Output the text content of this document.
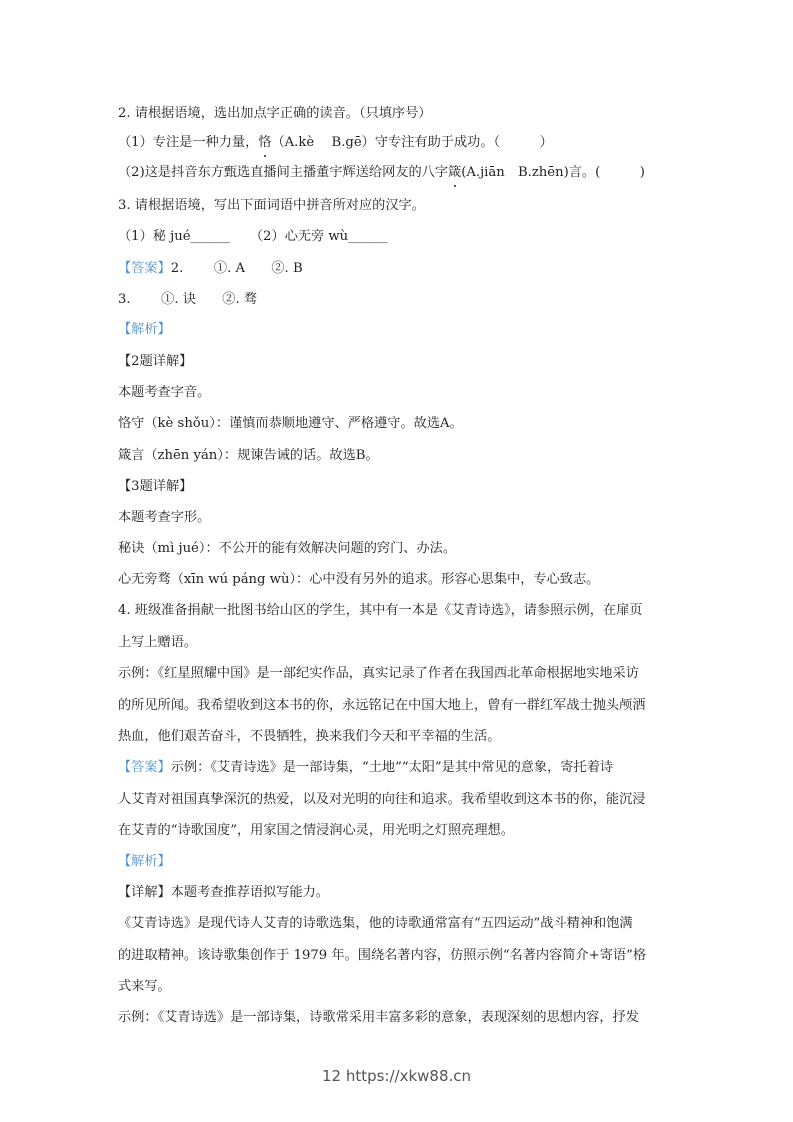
2. 请根据语境，选出加点字正确的读音。（只填序号）
（1）专注是一种力量，恪（A.kè　 B.gē）守专注有助于成功。（　　　）
（2)这是抖音东方甄选直播间主播董宇辉送给网友的八字箴(A.jiān　B.zhēn)言。(　　　)
3. 请根据语境，写出下面词语中拼音所对应的汉字。
（1）秘 jué______　　（2）心无旁 wù______
【答案】2.　　 ①. A　　②. B
3.　　 ①. 诀　　②. 骛
【解析】
【2题详解】
本题考查字音。
恪守（kè shǒu）：谨慎而恭顺地遵守、严格遵守。故选A。
箴言（zhēn yán）：规谏告诫的话。故选B。
【3题详解】
本题考查字形。
秘诀（mì jué）：不公开的能有效解决问题的窍门、办法。
心无旁骛（xīn wú páng wù）：心中没有另外的追求。形容心思集中，专心致志。
4. 班级准备捐献一批图书给山区的学生，其中有一本是《艾青诗选》，请参照示例，在扉页
上写上赠语。
示例：《红星照耀中国》是一部纪实作品，真实记录了作者在我国西北革命根据地实地采访
的所见所闻。我希望收到这本书的你，永远铭记在中国大地上，曾有一群红军战士抛头颅洒
热血，他们艰苦奋斗，不畏牺牲，换来我们今天和平幸福的生活。
【答案】示例：《艾青诗选》是一部诗集，“土地”“太阳”是其中常见的意象，寄托着诗
人艾青对祖国真挚深沉的热爱，以及对光明的向往和追求。我希望收到这本书的你，能沉浸
在艾青的“诗歌国度”，用家国之情浸润心灵，用光明之灯照亮理想。
【解析】
【详解】本题考查推荐语拟写能力。
《艾青诗选》是现代诗人艾青的诗歌选集，他的诗歌通常富有“五四运动”战斗精神和饱满
的进取精神。该诗歌集创作于 1979 年。围绕名著内容，仿照示例“名著内容简介+寄语”格
式来写。
示例：《艾青诗选》是一部诗集，诗歌常采用丰富多彩的意象，表现深刻的思想内容，抒发
12 https://xkw88.cn
